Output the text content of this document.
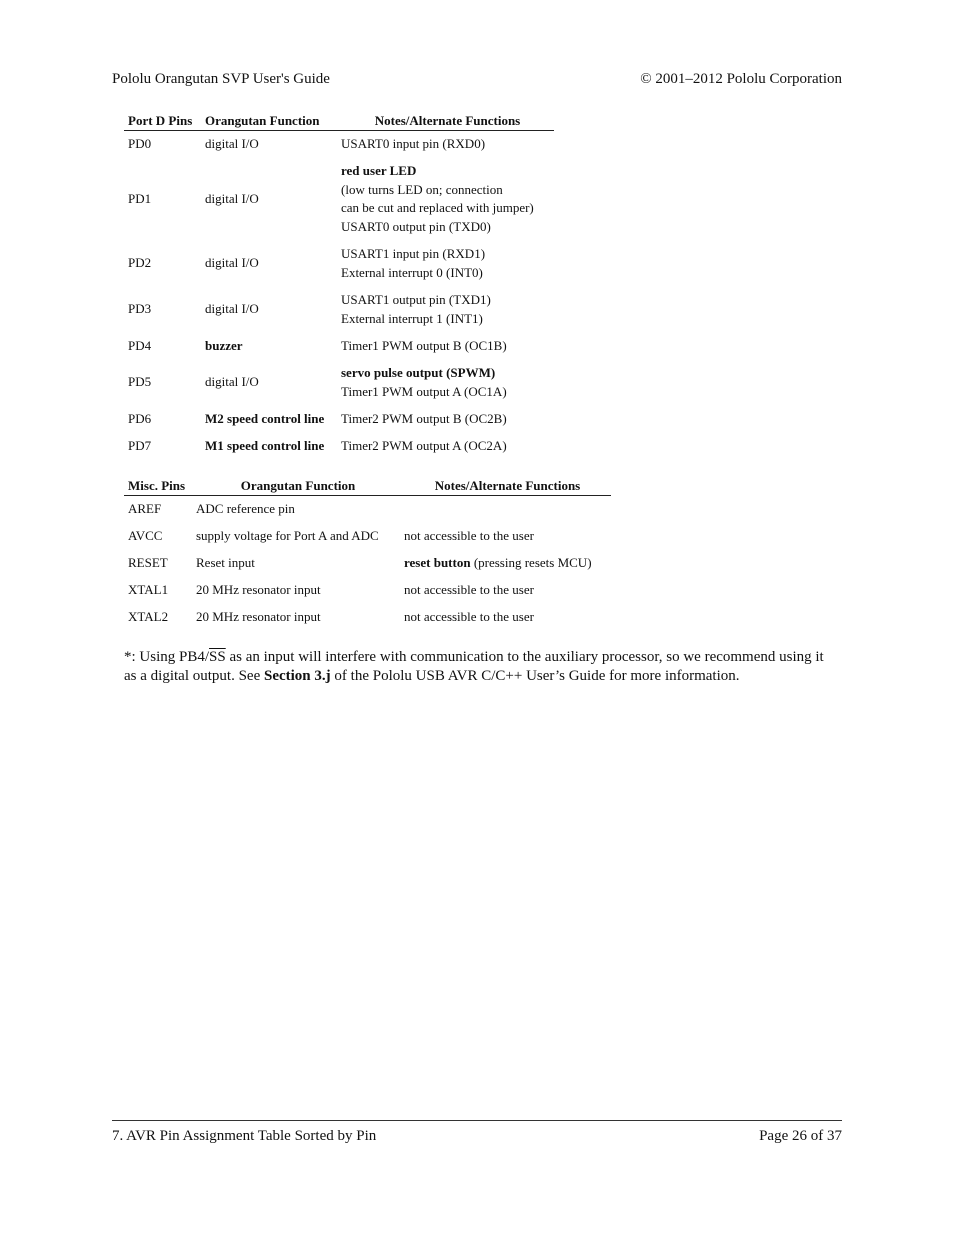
Pololu Orangutan SVP User's Guide	© 2001–2012 Pololu Corporation
Port D Pins	Orangutan Function	Notes/Alternate Functions
PD0	digital I/O	USART0 input pin (RXD0)

PD1	digital I/O	red user LED
(low turns LED on; connection
can be cut and replaced with jumper)
USART0 output pin (TXD0)

PD2	digital I/O	USART1 input pin (RXD1)
External interrupt 0 (INT0)

PD3	digital I/O	USART1 output pin (TXD1)
External interrupt 1 (INT1)

PD4	buzzer	Timer1 PWM output B (OC1B)

PD5	digital I/O	servo pulse output (SPWM)
Timer1 PWM output A (OC1A)

PD6	M2 speed control line	Timer2 PWM output B (OC2B)

PD7	M1 speed control line	Timer2 PWM output A (OC2A)
Misc. Pins	Orangutan Function	Notes/Alternate Functions
AREF	ADC reference pin	
AVCC	supply voltage for Port A and ADC	not accessible to the user
RESET	Reset input	reset button (pressing resets MCU)
XTAL1	20 MHz resonator input	not accessible to the user
XTAL2	20 MHz resonator input	not accessible to the user
*: Using $PB4/\overline{SS}$ as an input will interfere with communication to the auxiliary processor, so we recommend using it as a digital output. See Section 3.j of the Pololu USB AVR C/C++ User’s Guide for more information.
7. AVR Pin Assignment Table Sorted by Pin	Page 26 of 37
